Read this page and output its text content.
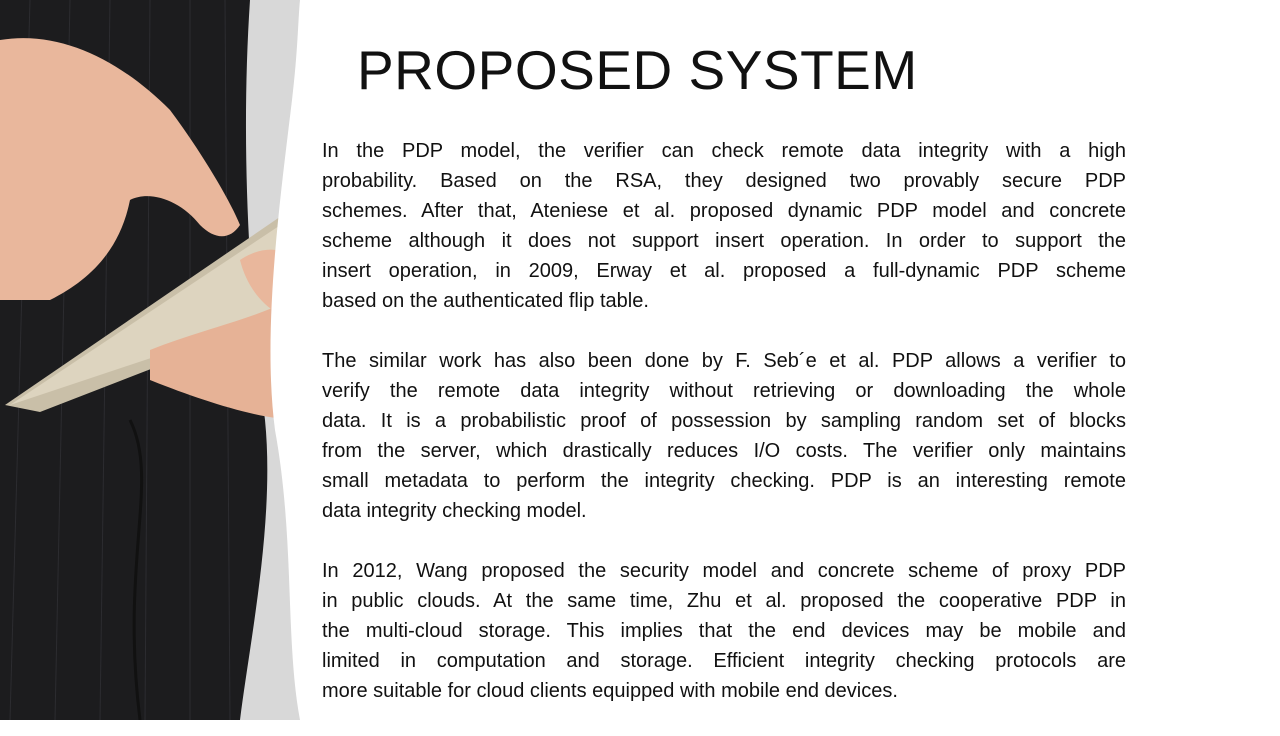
PROPOSED SYSTEM
In the PDP model, the verifier can check remote data integrity with a high
probability. Based on the RSA, they designed two provably secure PDP
schemes. After that, Ateniese et al. proposed dynamic PDP model and concrete
scheme although it does not support insert operation. In order to support the
insert operation, in 2009, Erway et al. proposed a full-dynamic PDP scheme
based on the authenticated flip table.
The similar work has also been done by F. Seb´e et al. PDP allows a verifier to
verify the remote data integrity without retrieving or downloading the whole
data. It is a probabilistic proof of possession by sampling random set of blocks
from the server, which drastically reduces I/O costs. The verifier only maintains
small metadata to perform the integrity checking. PDP is an interesting remote
data integrity checking model.
In 2012, Wang proposed the security model and concrete scheme of proxy PDP
in public clouds. At the same time, Zhu et al. proposed the cooperative PDP in
the multi-cloud storage. This implies that the end devices may be mobile and
limited in computation and storage. Efficient integrity checking protocols are
more suitable for cloud clients equipped with mobile end devices.
